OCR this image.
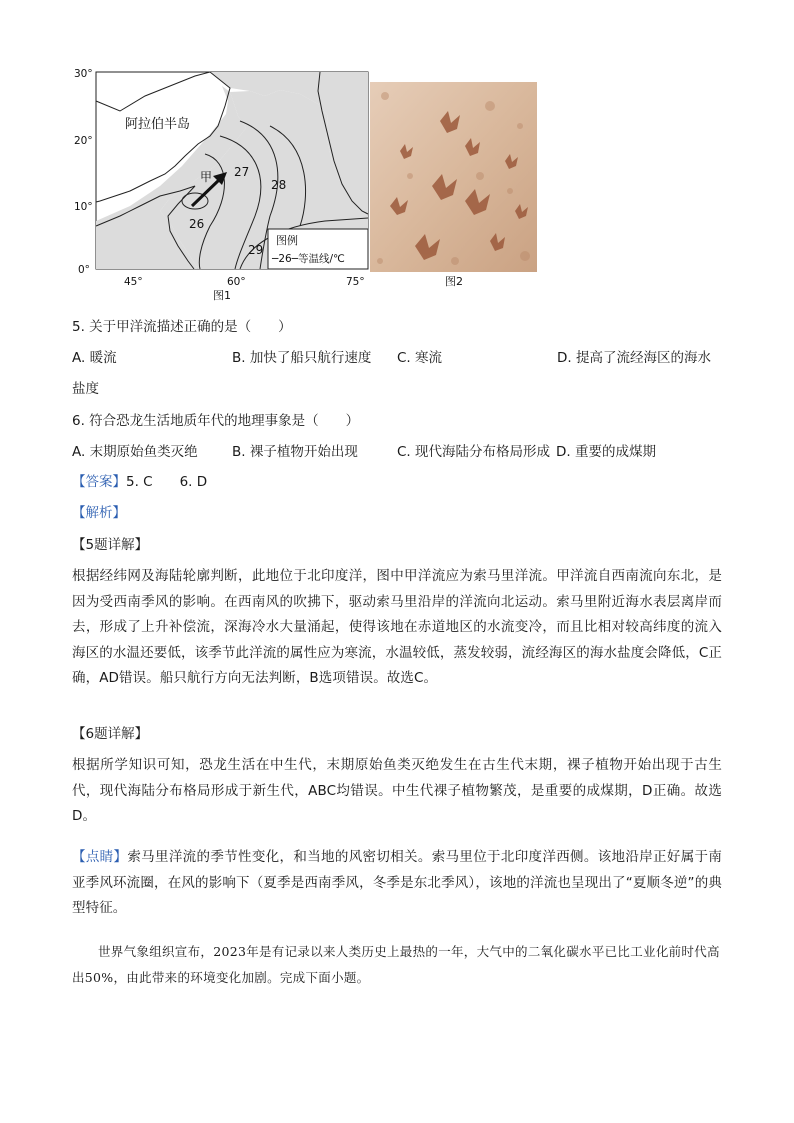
阿拉伯半岛
甲
26
27
28
29
图例
─26─等温线/℃
30°
20°
10°
0°
45°	60°	75°
图1
图2
5. 关于甲洋流描述正确的是（　　）
A. 暖流	B. 加快了船只航行速度 C. 寒流	D. 提高了流经海区的海水
盐度
6. 符合恐龙生活地质年代的地理事象是（　　）
A. 末期原始鱼类灭绝	B. 裸子植物开始出现	C. 现代海陆分布格局形成 D. 重要的成煤期
【答案】5. C　　6. D
【解析】
【5题详解】
根据经纬网及海陆轮廓判断，此地位于北印度洋，图中甲洋流应为索马里洋流。甲洋流自西南流向东北，是因为受西南季风的影响。在西南风的吹拂下，驱动索马里沿岸的洋流向北运动。索马里附近海水表层离岸而去，形成了上升补偿流，深海冷水大量涌起，使得该地在赤道地区的水流变冷，而且比相对较高纬度的流入海区的水温还要低，该季节此洋流的属性应为寒流，水温较低，蒸发较弱，流经海区的海水盐度会降低，C正确，AD错误。船只航行方向无法判断，B选项错误。故选C。
【6题详解】
根据所学知识可知，恐龙生活在中生代，末期原始鱼类灭绝发生在古生代末期，裸子植物开始出现于古生代，现代海陆分布格局形成于新生代，ABC均错误。中生代裸子植物繁茂，是重要的成煤期，D正确。故选D。
【点睛】索马里洋流的季节性变化，和当地的风密切相关。索马里位于北印度洋西侧。该地沿岸正好属于南亚季风环流圈，在风的影响下（夏季是西南季风，冬季是东北季风），该地的洋流也呈现出了“夏顺冬逆”的典型特征。
世界气象组织宣布，2023年是有记录以来人类历史上最热的一年，大气中的二氧化碳水平已比工业化前时代高出50%，由此带来的环境变化加剧。完成下面小题。
